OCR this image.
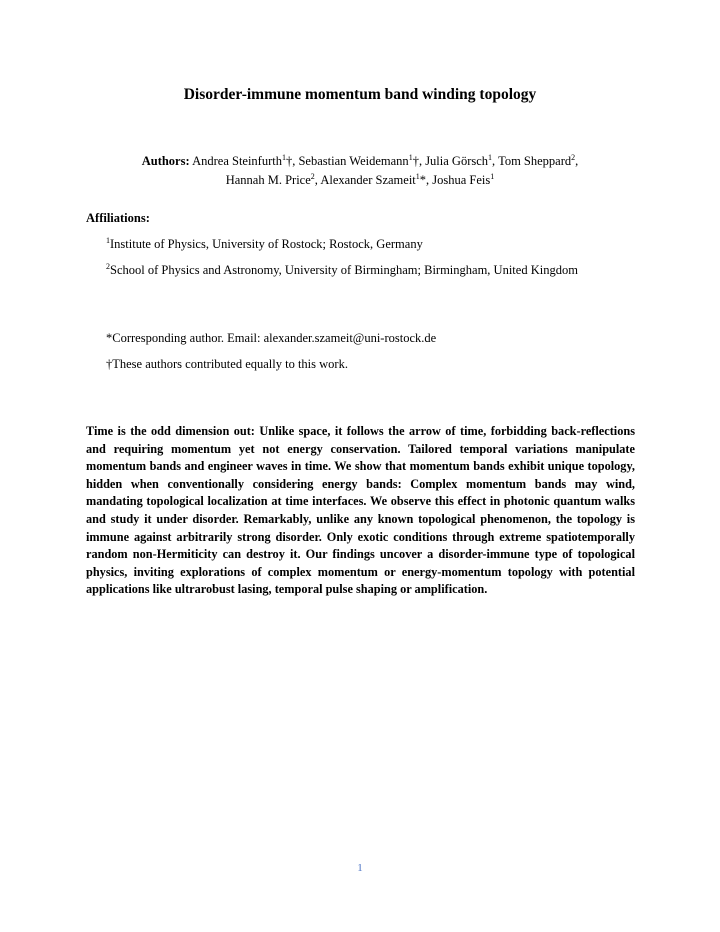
Disorder-immune momentum band winding topology
Authors: Andrea Steinfurth$^1$†, Sebastian Weidemann$^1$†, Julia Görsch$^1$, Tom Sheppard$^2$,
Hannah M. Price$^2$, Alexander Szameit$^1$*, Joshua Feis$^1$
Affiliations:
$^1$Institute of Physics, University of Rostock; Rostock, Germany
$^2$School of Physics and Astronomy, University of Birmingham; Birmingham, United Kingdom
*Corresponding author. Email: alexander.szameit@uni-rostock.de
†These authors contributed equally to this work.

Time is the odd dimension out: Unlike space, it follows the arrow of time, forbidding back-reflections and requiring momentum yet not energy conservation. Tailored temporal variations manipulate momentum bands and engineer waves in time. We show that momentum bands exhibit unique topology, hidden when conventionally considering energy bands: Complex momentum bands may wind, mandating topological localization at time interfaces. We observe this effect in photonic quantum walks and study it under disorder. Remarkably, unlike any known topological phenomenon, the topology is immune against arbitrarily strong disorder. Only exotic conditions through extreme spatiotemporally random non-Hermiticity can destroy it. Our findings uncover a disorder-immune type of topological physics, inviting explorations of complex momentum or energy-momentum topology with potential applications like ultrarobust lasing, temporal pulse shaping or amplification.

1
